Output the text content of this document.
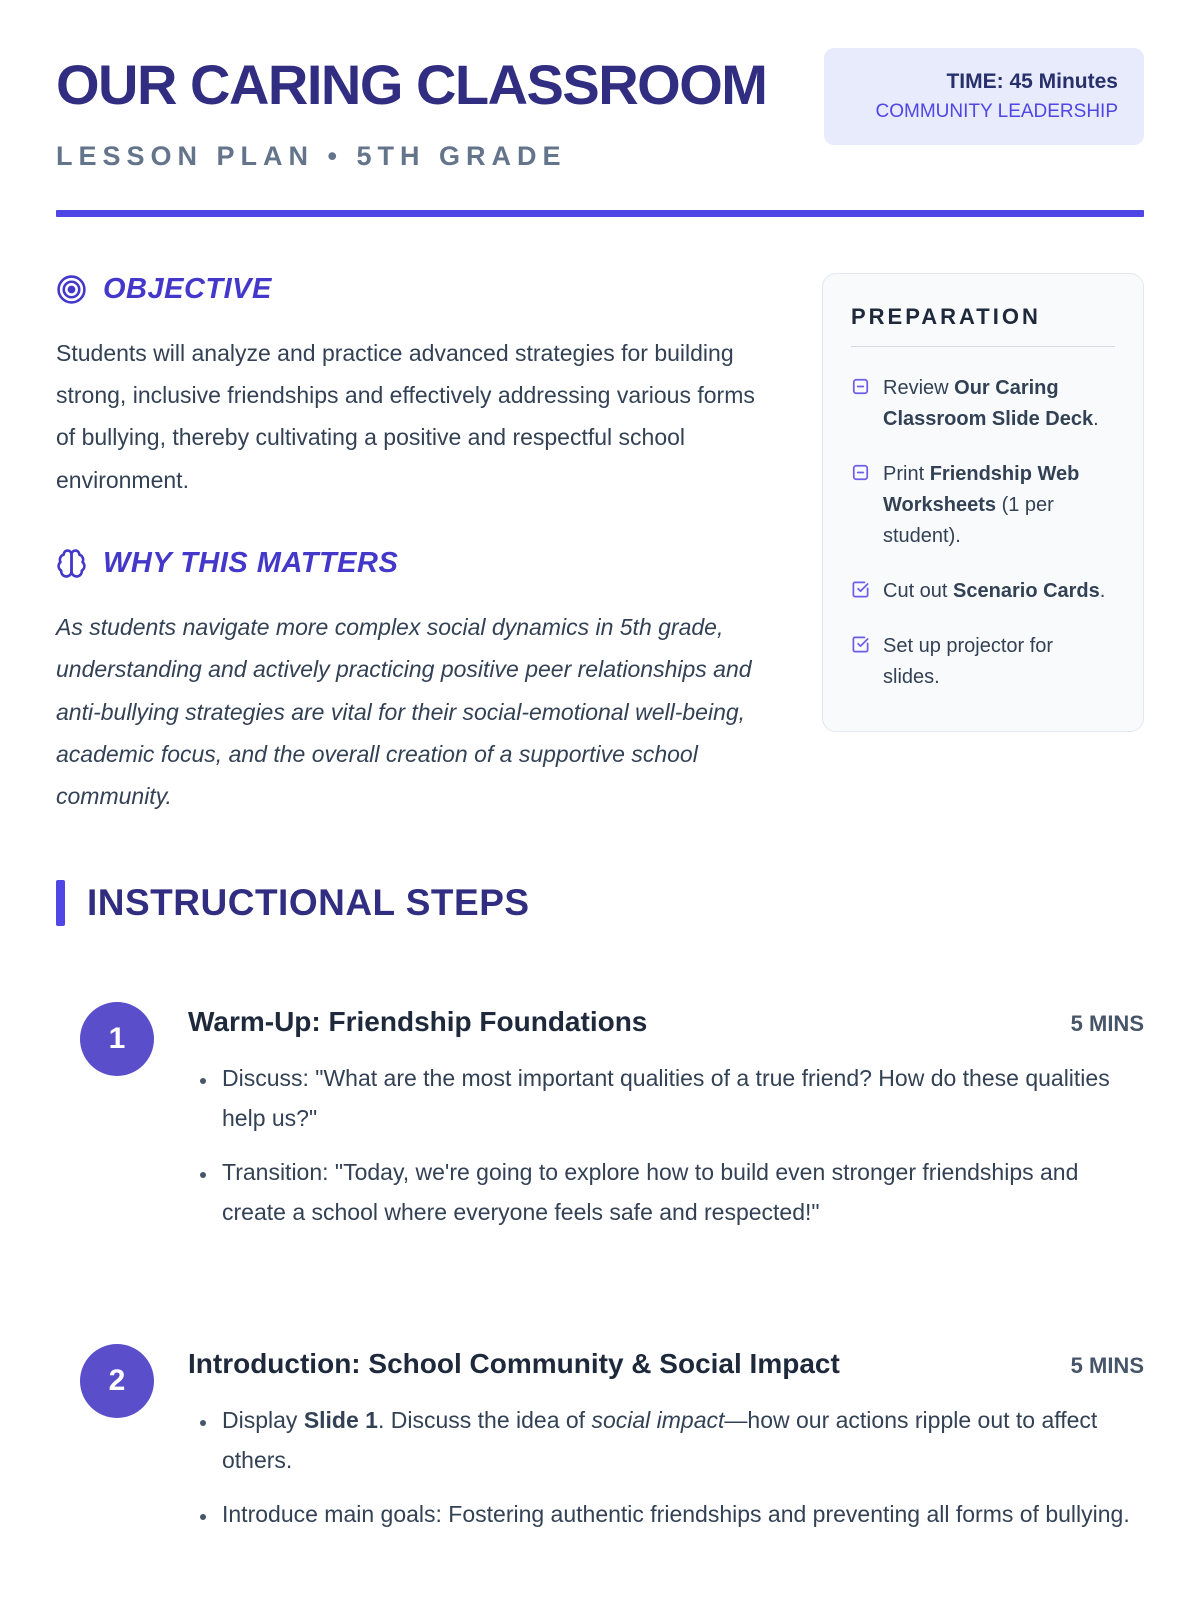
OUR CARING CLASSROOM
LESSON PLAN • 5TH GRADE
TIME: 45 Minutes
COMMUNITY LEADERSHIP
OBJECTIVE

Students will analyze and practice advanced strategies for building strong, inclusive friendships and effectively addressing various forms of bullying, thereby cultivating a positive and respectful school environment.

WHY THIS MATTERS

As students navigate more complex social dynamics in 5th grade, understanding and actively practicing positive peer relationships and anti-bullying strategies are vital for their social-emotional well-being, academic focus, and the overall creation of a supportive school community.

PREPARATION
Review Our Caring Classroom Slide Deck.
Print Friendship Web Worksheets (1 per student).
Cut out Scenario Cards.
Set up projector for slides.
INSTRUCTIONAL STEPS
1
Warm-Up: Friendship Foundations	5 MINS
• Discuss: "What are the most important qualities of a true friend? How do these qualities help us?"
• Transition: "Today, we're going to explore how to build even stronger friendships and create a school where everyone feels safe and respected!"
2
Introduction: School Community & Social Impact	5 MINS
• Display Slide 1. Discuss the idea of social impact—how our actions ripple out to affect others.
• Introduce main goals: Fostering authentic friendships and preventing all forms of bullying.
